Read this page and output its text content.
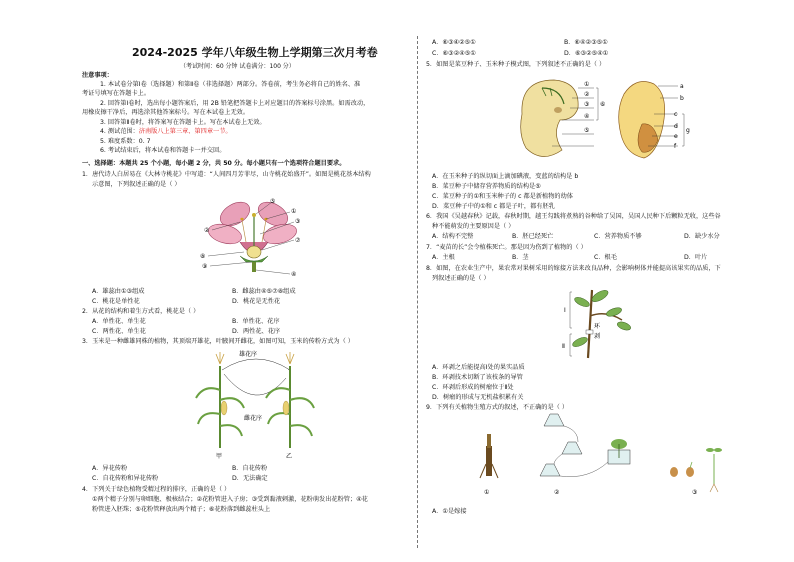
2024-2025 学年八年级生物上学期第三次月考卷
（考试时间：60 分钟 试卷满分：100 分）
注意事项：
1. 本试卷分第Ⅰ卷（选择题）和第Ⅱ卷（非选择题）两部分。答卷前，考生务必将自己的姓名、准
考证号填写在答题卡上。
2. 回答第Ⅰ卷时，选出每小题答案后，用 2B 铅笔把答题卡上对应题目的答案标号涂黑。如需改动，
用橡皮擦干净后，再选涂其他答案标号。写在本试卷上无效。
3. 回答第Ⅱ卷时，将答案写在答题卡上。写在本试卷上无效。
4. 测试范围：济南版八上第三章、第四章一节。
5. 难度系数：0. 7
6. 考试结束后，将本试卷和答题卡一并交回。
一、选择题：本题共 25 个小题，每小题 2 分，共 50 分。每小题只有一个选项符合题目要求。
1．唐代诗人白居易在《大林寺桃花》中写道：“人间四月芳菲尽，山寺桃花始盛开”。如图是桃花基本结构
示意图，下列叙述正确的是（ ）
⑤
①
③
⑦
④
②
⑧
⑨
A．雄蕊由①③组成	B．雌蕊由④⑤⑦⑧组成
C．桃花是单性花	D．桃花是无性花
2．从花的结构和着生方式看，桃花是（ ）
A．单性花、单生花	B．单性花、花序
C．两性花、单生花	D．两性花、花序
3．玉米是一种雌雄同株的植物，其顶端开雄花，叶腋间开雌花，如图可知，玉米的传粉方式为（ ）
雄花序
雌花序
甲	乙
A．异花传粉	B．自花传粉
C．自花传粉和异花传粉	D．无法确定
4．下列关于绿色植物受精过程的排序，正确的是（ ）
①两个精子分别与卵细胞、极核结合；②花粉管进入子房；③受到黏液刺激，花粉萌发出花粉管；④花
粉管进入胚珠；⑤花粉管释放出两个精子；⑥花粉落到雌蕊柱头上
A．⑥③④②⑤①	B．⑥④②③⑤①
C．⑥③②④⑤①	D．⑥③②⑤④①
5．如图是菜豆种子、玉米种子模式图，下列叙述不正确的是（ ）
①
②
③
④
⑥
⑤
a
b
c
d
e
f
g
A．在玉米种子的纵切面上滴加碘液，变蓝的结构是 b
B．菜豆种子中储存营养物质的结构是⑤
C．菜豆种子的①和玉米种子的 c 都是新植物的幼体
D．菜豆种子中的①和 c 都是子叶，都有胚乳
6．我国《吴越春秋》记载，春秋时期，越王勾践将煮熟的谷种给了吴国，吴国人民种下后颗粒无收，这些谷
种不能萌发的主要原因是（ ）
A．结构不完整	B．胚已经死亡	C．营养物质不够	D．缺少水分
7．“麦苗的长”会令植株死亡。那是因为伤到了植物的（ ）
A．主根	B．茎	C．根毛	D．叶片
8．如图，在农业生产中，果农常对果树采用的嫁接方法来改良品种，会影响树体并能提高该果实的品质，下
列叙述正确的是（ ）
Ⅰ
Ⅱ
环
剥
A．环剥之后能提高Ⅰ处的果实品质
B．环剥技术切断了该枝条的导管
C．环剥后形成的树瘤位于Ⅱ处
D．树瘤的形成与无机盐积累有关
9．下列有关植物生殖方式的叙述，不正确的是（ ）
①	②	③
A．①是嫁接
